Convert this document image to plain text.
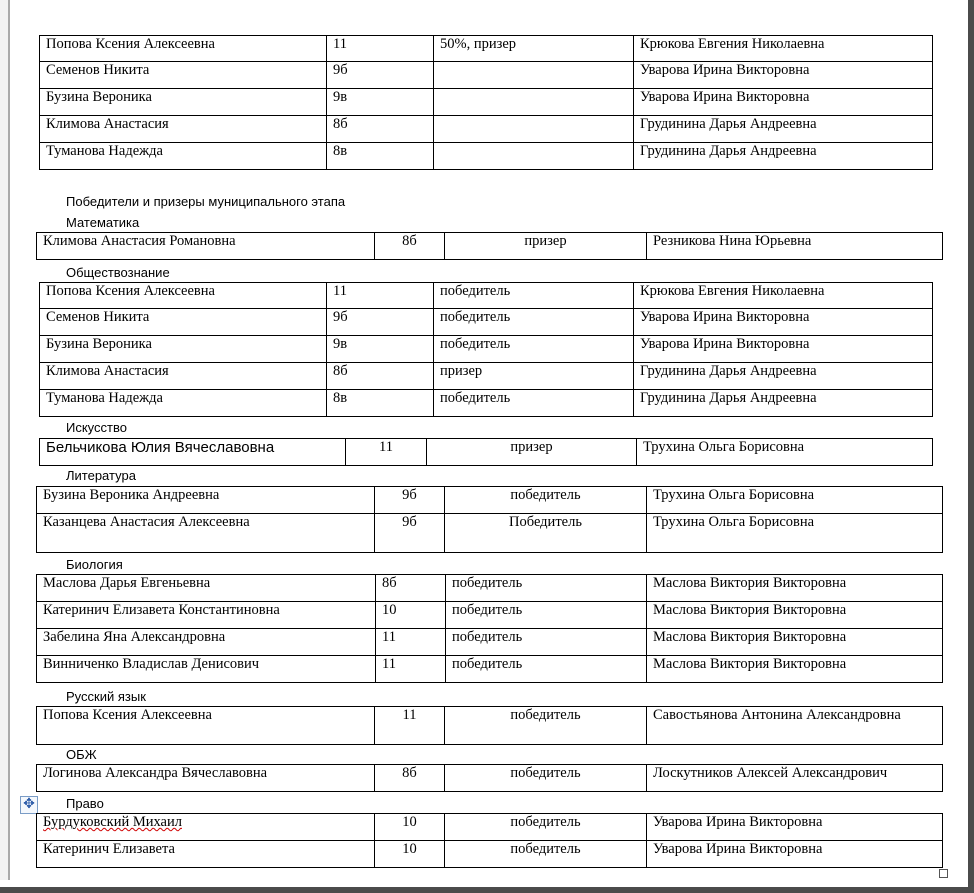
Попова Ксения Алексеевна	11	50%, призер	Крюкова Евгения Николаевна
Семенов Никита	9б		Уварова Ирина Викторовна
Бузина Вероника	9в		Уварова Ирина Викторовна
Климова Анастасия	8б		Грудинина Дарья Андреевна
Туманова Надежда	8в		Грудинина Дарья Андреевна
Победители и призеры муниципального этапа
Математика
Климова Анастасия Романовна	8б	призер	Резникова Нина Юрьевна
Обществознание
Попова Ксения Алексеевна	11	победитель	Крюкова Евгения Николаевна
Семенов Никита	9б	победитель	Уварова Ирина Викторовна
Бузина Вероника	9в	победитель	Уварова Ирина Викторовна
Климова Анастасия	8б	призер	Грудинина Дарья Андреевна
Туманова Надежда	8в	победитель	Грудинина Дарья Андреевна
Искусство
Бельчикова Юлия Вячеславовна	11	призер	Трухина Ольга Борисовна
Литература
Бузина Вероника Андреевна	9б	победитель	Трухина Ольга Борисовна
Казанцева Анастасия Алексеевна	9б	Победитель	Трухина Ольга Борисовна
Биология
Маслова Дарья Евгеньевна	8б	победитель	Маслова Виктория Викторовна
Катеринич Елизавета Константиновна	10	победитель	Маслова Виктория Викторовна
Забелина Яна Александровна	11	победитель	Маслова Виктория Викторовна
Винниченко Владислав Денисович	11	победитель	Маслова Виктория Викторовна
Русский язык
Попова Ксения Алексеевна	11	победитель	Савостьянова Антонина Александровна
ОБЖ
Логинова Александра Вячеславовна	8б	победитель	Лоскутников Алексей Александрович
✥ Право
Бурдуковский Михаил	10	победитель	Уварова Ирина Викторовна
Катеринич Елизавета	10	победитель	Уварова Ирина Викторовна
